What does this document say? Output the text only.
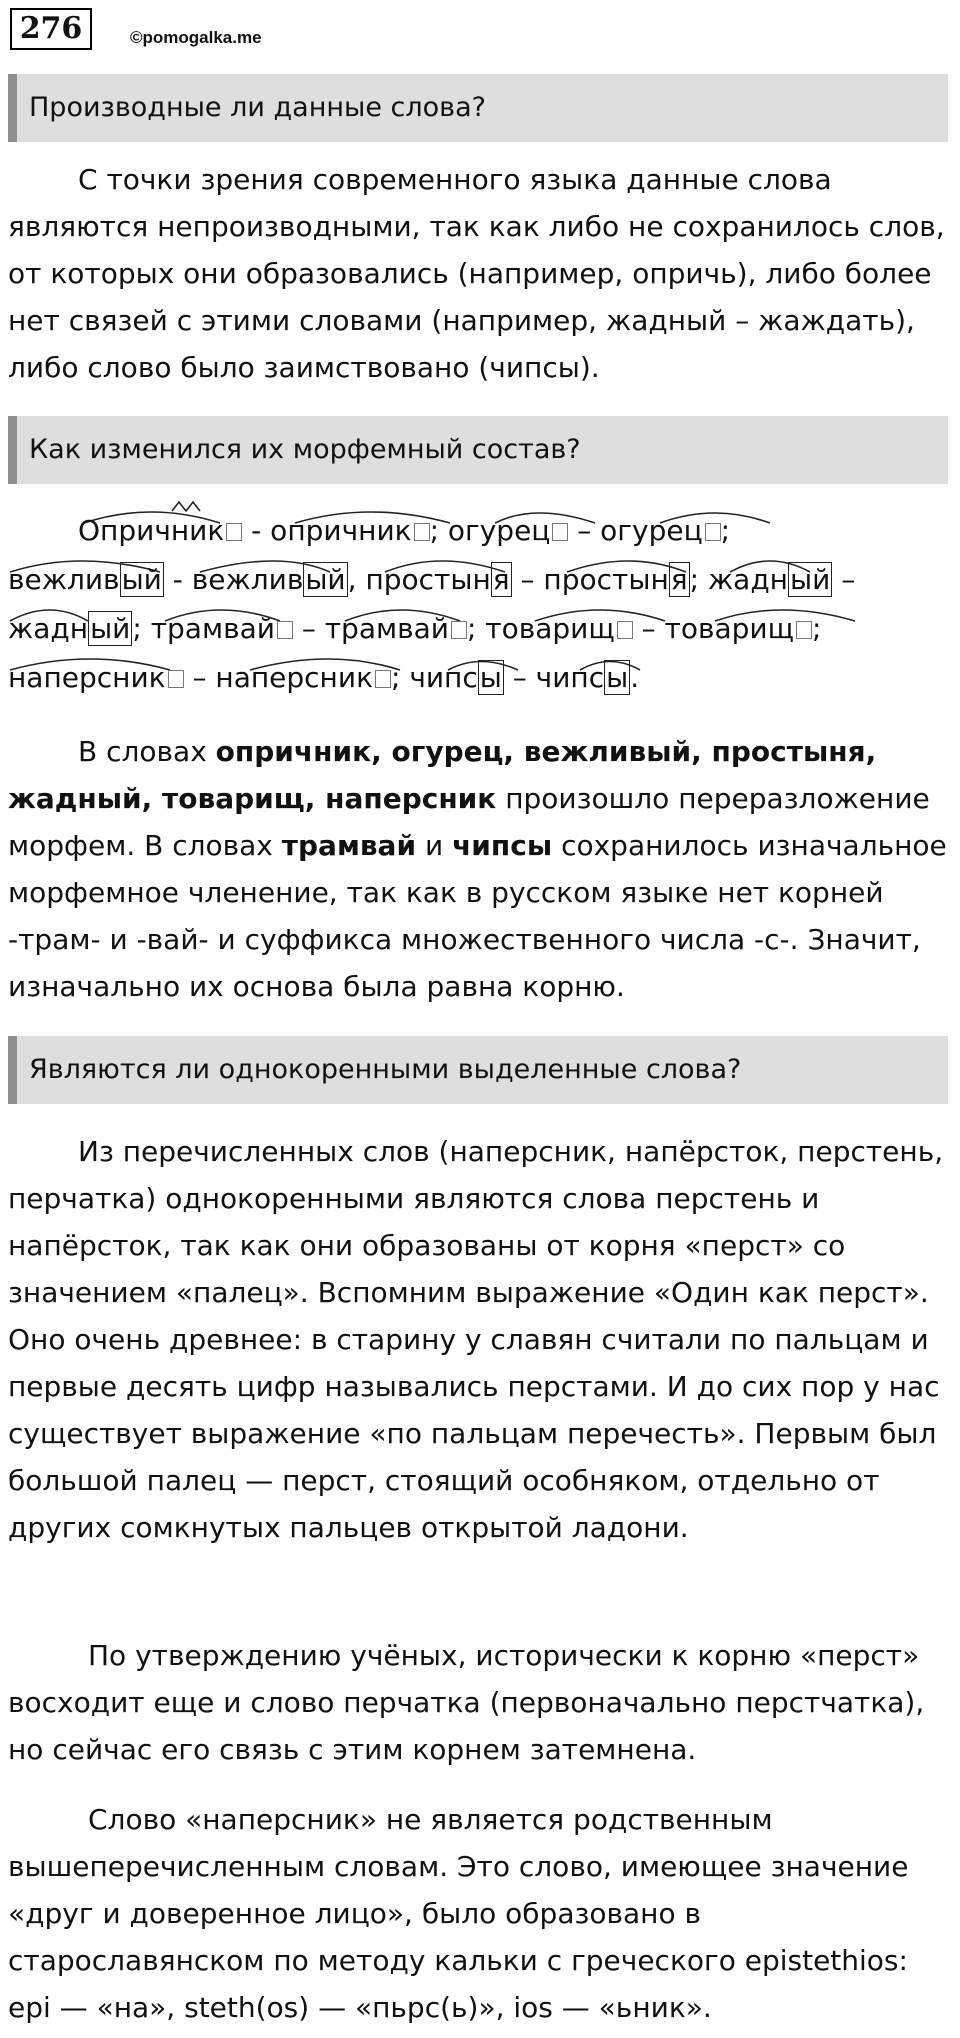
276	©pomogalka.me
Производные ли данные слова?
С точки зрения современного языка данные слова являются непроизводными, так как либо не сохранилось слов, от которых они образовались (например, опричь), либо более нет связей с этими словами (например, жадный – жаждать), либо слово было заимствовано (чипсы).
Как изменился их морфемный состав?
Опричник - опричник ; огурец – огурец ;
вежливый - вежливый, простыня – простыня; жадный –
жадный; трамвай – трамвай ; товарищ – товарищ ;
наперсник – наперсник ; чипсы – чипсы.
В словах опричник, огурец, вежливый, простыня, жадный, товарищ, наперсник произошло переразложение морфем. В словах трамвай и чипсы сохранилось изначальное морфемное членение, так как в русском языке нет корней -трам- и -вай- и суффикса множественного числа -с-. Значит, изначально их основа была равна корню.
Являются ли однокоренными выделенные слова?
Из перечисленных слов (наперсник, напёрсток, перстень, перчатка) однокоренными являются слова перстень и напёрсток, так как они образованы от корня «перст» со значением «палец». Вспомним выражение «Один как перст». Оно очень древнее: в старину у славян считали по пальцам и первые десять цифр назывались перстами. И до сих пор у нас существует выражение «по пальцам перечесть». Первым был большой палец — перст, стоящий особняком, отдельно от других сомкнутых пальцев открытой ладони.
По утверждению учёных, исторически к корню «перст» восходит еще и слово перчатка (первоначально перстчатка), но сейчас его связь с этим корнем затемнена.
Слово «наперсник» не является родственным вышеперечисленным словам. Это слово, имеющее значение «друг и доверенное лицо», было образовано в старославянском по методу кальки с греческого epistethios: epi — «на», steth(os) — «пьрс(ь)», ios — «ьник».
